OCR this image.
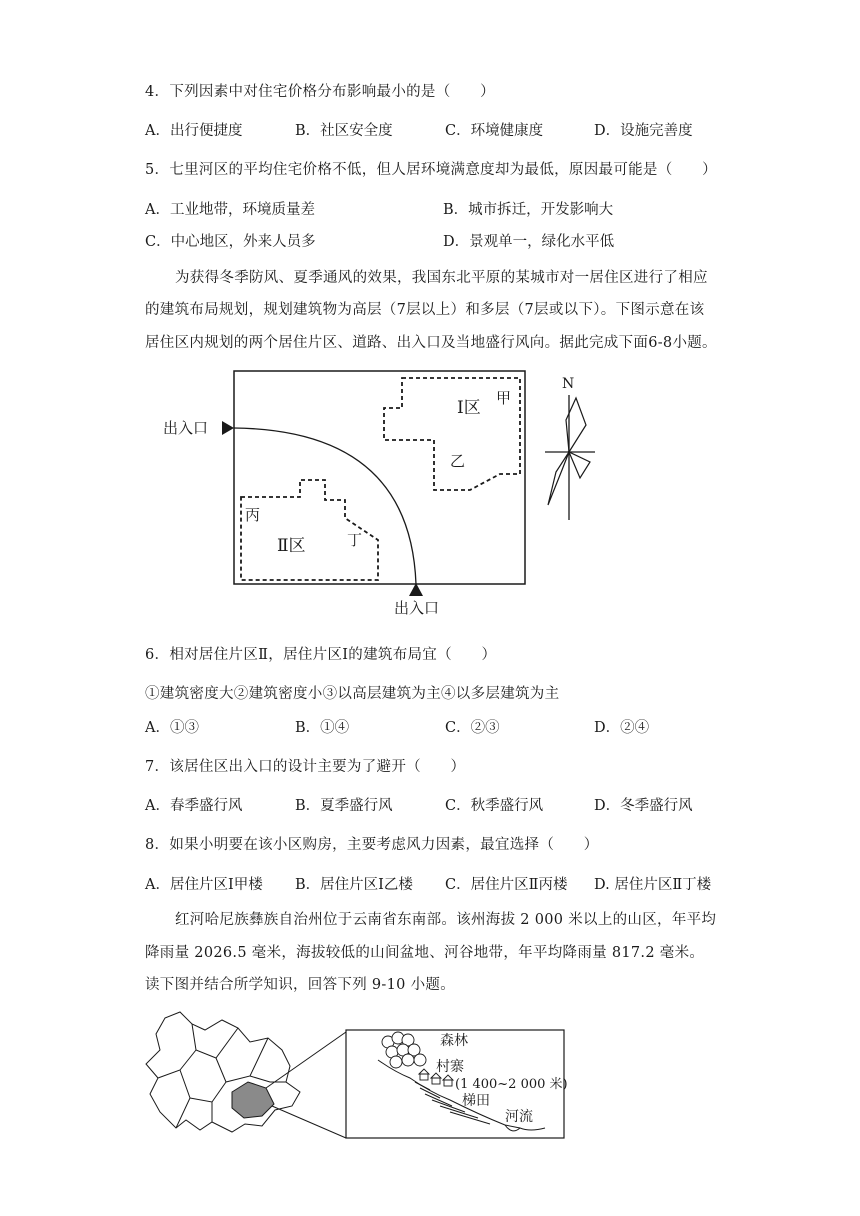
4．下列因素中对住宅价格分布影响最小的是（　　）
A．出行便捷度	B．社区安全度	C．环境健康度	D．设施完善度
5．七里河区的平均住宅价格不低，但人居环境满意度却为最低，原因最可能是（　　）
A．工业地带，环境质量差	B．城市拆迁，开发影响大
C．中心地区，外来人员多	D．景观单一，绿化水平低
为获得冬季防风、夏季通风的效果，我国东北平原的某城市对一居住区进行了相应
的建筑布局规划，规划建筑物为高层（7层以上）和多层（7层或以下）。下图示意在该
居住区内规划的两个居住片区、道路、出入口及当地盛行风向。据此完成下面6-8小题。
出入口
出入口
Ⅰ区
Ⅱ区
甲
乙
丙
丁
N
6．相对居住片区Ⅱ，居住片区Ⅰ的建筑布局宜（　　）
①建筑密度大②建筑密度小③以高层建筑为主④以多层建筑为主
A．①③	B．①④	C．②③	D．②④
7．该居住区出入口的设计主要为了避开（　　）
A．春季盛行风	B．夏季盛行风	C．秋季盛行风	D．冬季盛行风
8．如果小明要在该小区购房，主要考虑风力因素，最宜选择（　　）
A．居住片区Ⅰ甲楼 B．居住片区Ⅰ乙楼 C．居住片区Ⅱ丙楼 D. 居住片区Ⅱ丁楼
红河哈尼族彝族自治州位于云南省东南部。该州海拔 2 000 米以上的山区，年平均
降雨量 2026.5 毫米，海拔较低的山间盆地、河谷地带，年平均降雨量 817.2 毫米。
读下图并结合所学知识，回答下列 9-10 小题。
森林
村寨
(1 400~2 000 米)
梯田
河流
